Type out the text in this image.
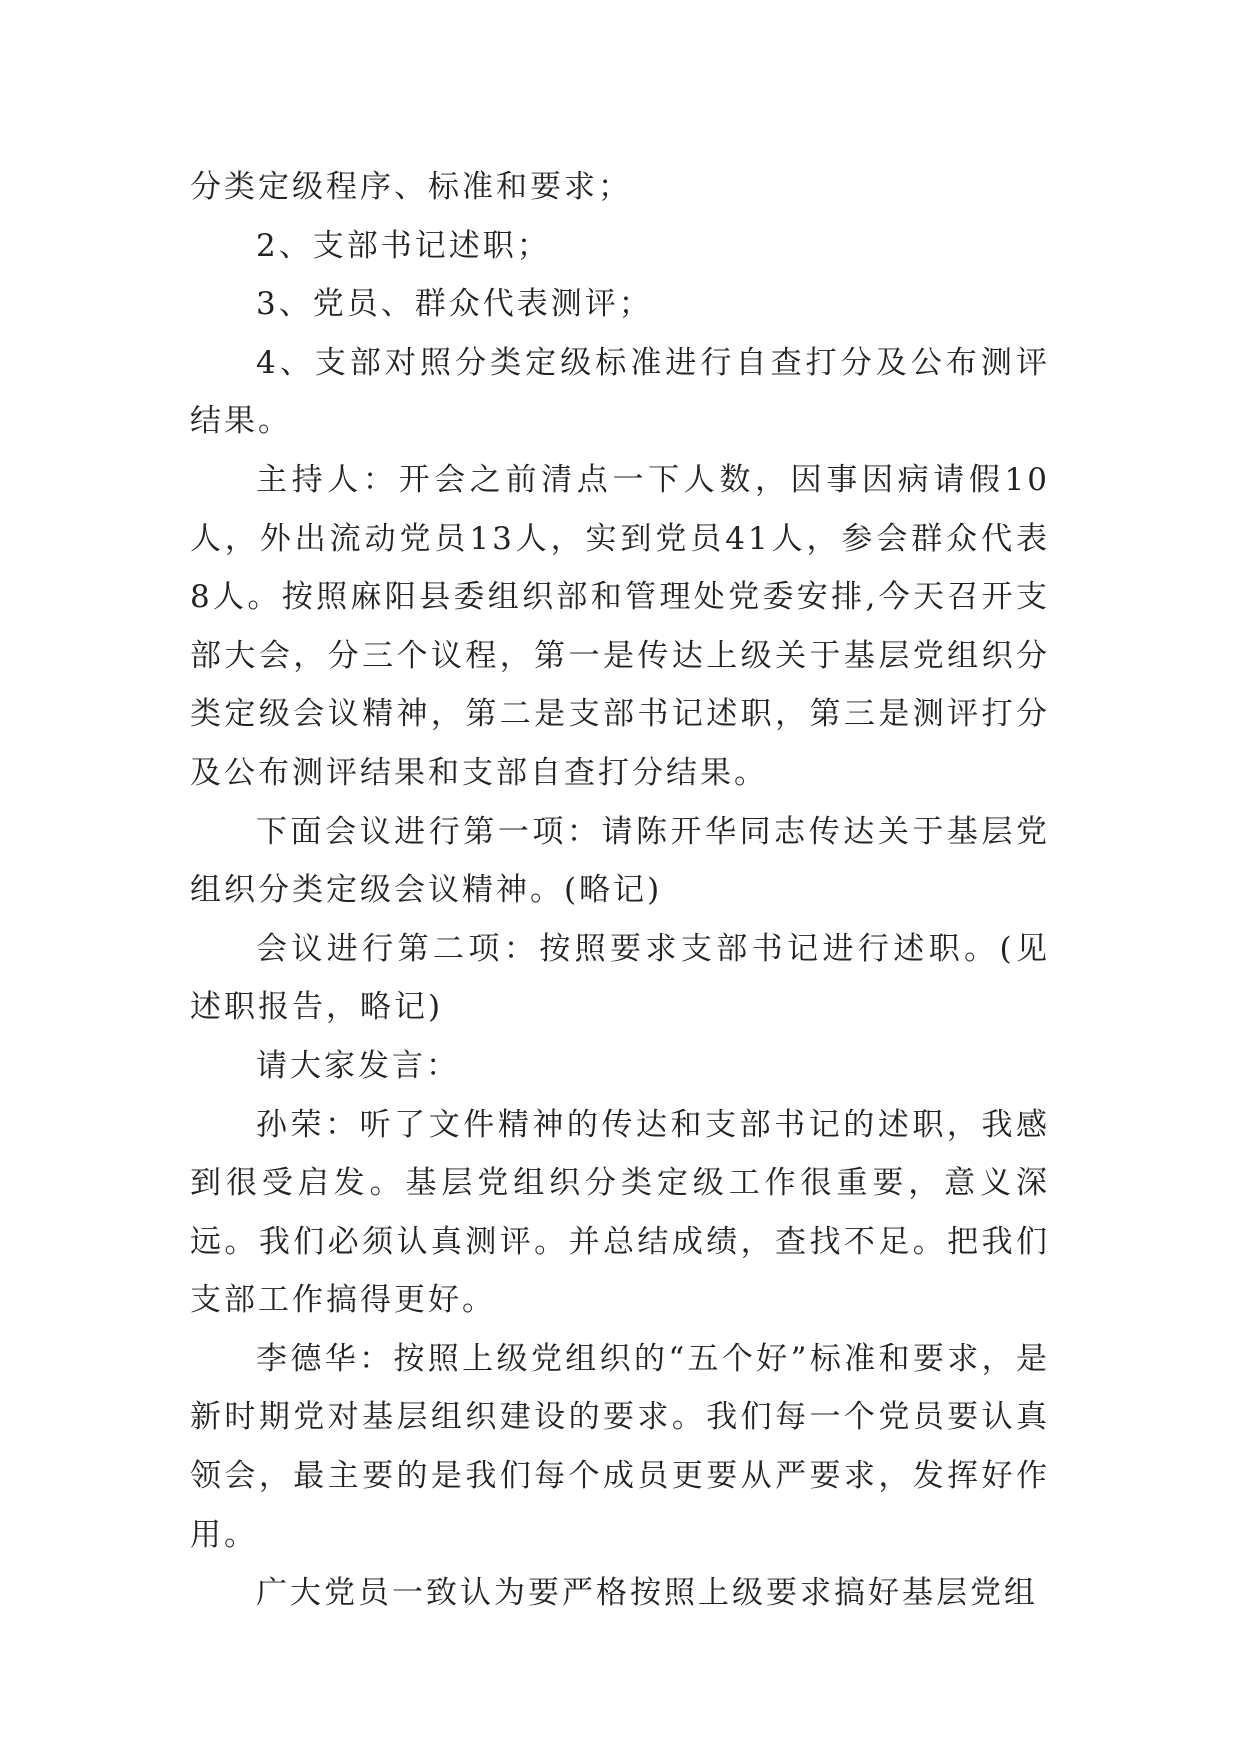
分类定级程序、标准和要求；

2、支部书记述职；

3、党员、群众代表测评；

4、支部对照分类定级标准进行自查打分及公布测评结果。

主持人：开会之前清点一下人数，因事因病请假10人，外出流动党员13人，实到党员41人，参会群众代表8人。按照麻阳县委组织部和管理处党委安排,今天召开支部大会，分三个议程，第一是传达上级关于基层党组织分类定级会议精神，第二是支部书记述职，第三是测评打分及公布测评结果和支部自查打分结果。

下面会议进行第一项：请陈开华同志传达关于基层党组织分类定级会议精神。(略记)

会议进行第二项：按照要求支部书记进行述职。(见述职报告，略记)

请大家发言：

孙荣：听了文件精神的传达和支部书记的述职，我感到很受启发。基层党组织分类定级工作很重要，意义深远。我们必须认真测评。并总结成绩，查找不足。把我们支部工作搞得更好。

李德华：按照上级党组织的“五个好”标准和要求，是新时期党对基层组织建设的要求。我们每一个党员要认真领会，最主要的是我们每个成员更要从严要求，发挥好作用。

广大党员一致认为要严格按照上级要求搞好基层党组
